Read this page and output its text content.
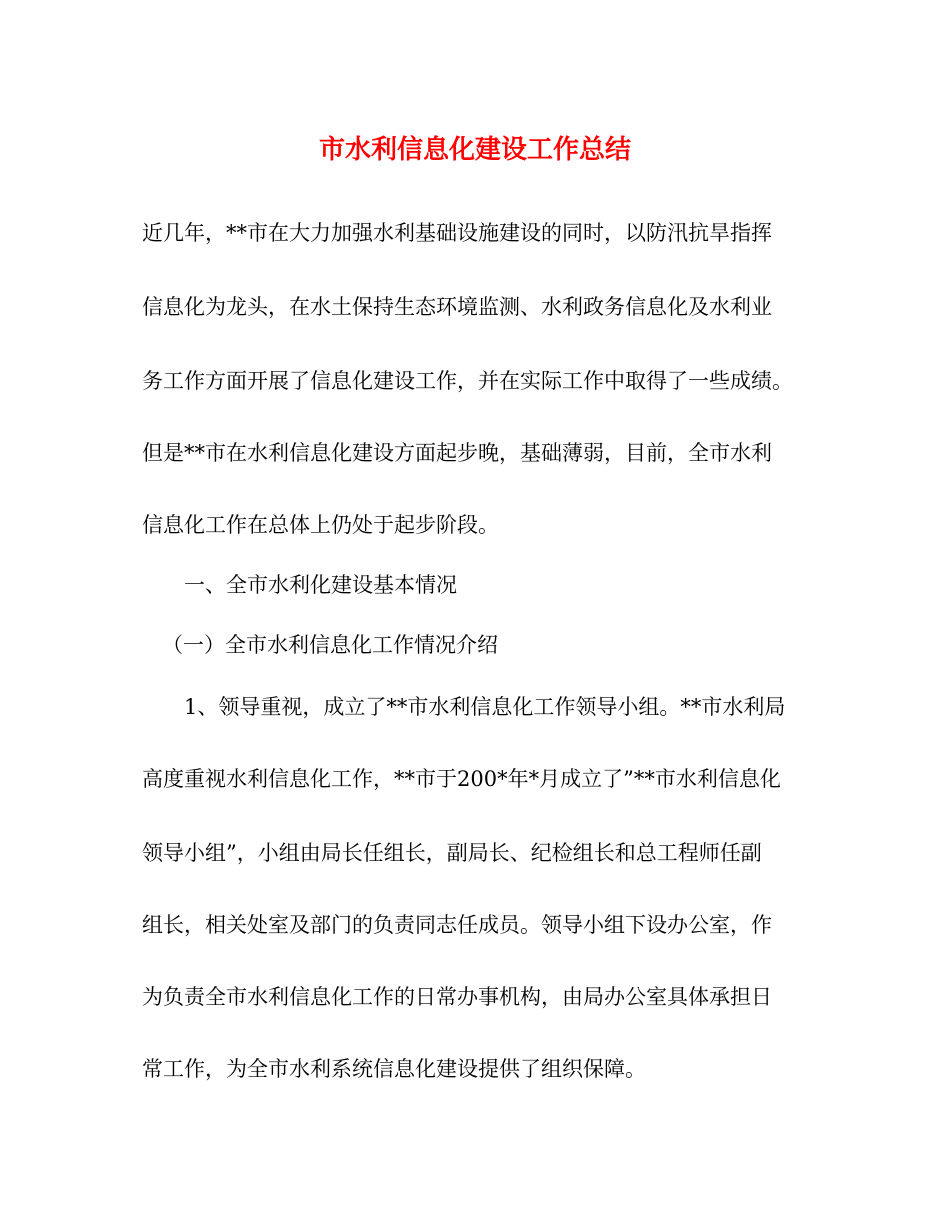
市水利信息化建设工作总结

近几年，**市在大力加强水利基础设施建设的同时，以防汛抗旱指挥

信息化为龙头，在水土保持生态环境监测、水利政务信息化及水利业

务工作方面开展了信息化建设工作，并在实际工作中取得了一些成绩。

但是**市在水利信息化建设方面起步晚，基础薄弱，目前，全市水利

信息化工作在总体上仍处于起步阶段。

一、全市水利化建设基本情况

（一）全市水利信息化工作情况介绍

1、领导重视，成立了**市水利信息化工作领导小组。**市水利局

高度重视水利信息化工作，**市于200*年*月成立了”**市水利信息化

领导小组”，小组由局长任组长，副局长、纪检组长和总工程师任副

组长，相关处室及部门的负责同志任成员。领导小组下设办公室，作

为负责全市水利信息化工作的日常办事机构，由局办公室具体承担日

常工作，为全市水利系统信息化建设提供了组织保障。
